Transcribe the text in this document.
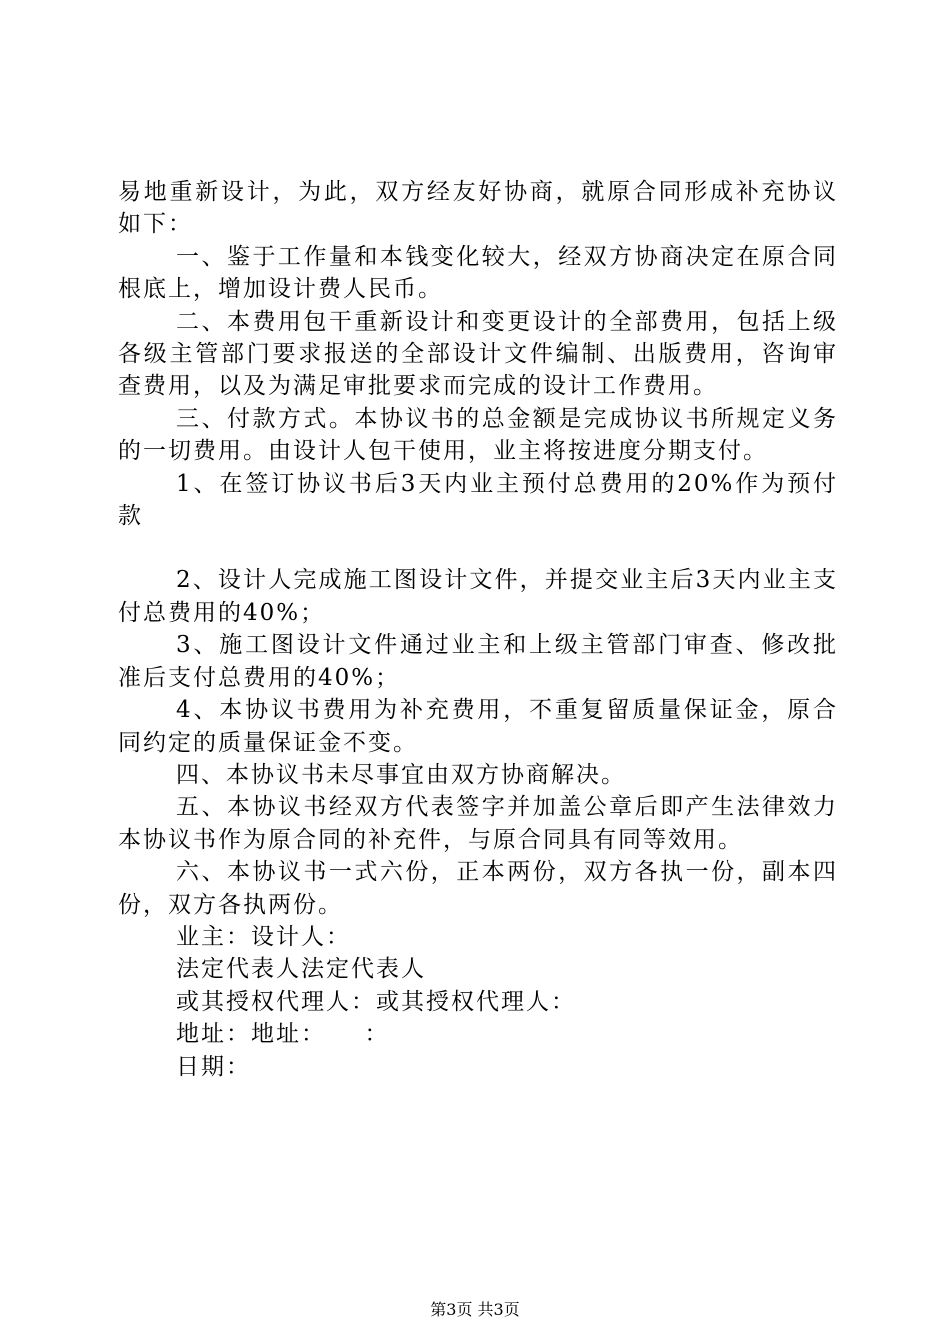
易地重新设计，为此，双方经友好协商，就原合同形成补充协议如下：

一、鉴于工作量和本钱变化较大，经双方协商决定在原合同根底上，增加设计费人民币。

二、本费用包干重新设计和变更设计的全部费用，包括上级各级主管部门要求报送的全部设计文件编制、出版费用，咨询审查费用，以及为满足审批要求而完成的设计工作费用。

三、付款方式。本协议书的总金额是完成协议书所规定义务的一切费用。由设计人包干使用，业主将按进度分期支付。

1、在签订协议书后3天内业主预付总费用的20%作为预付款

2、设计人完成施工图设计文件，并提交业主后3天内业主支付总费用的40%；

3、施工图设计文件通过业主和上级主管部门审查、修改批准后支付总费用的40%；

4、本协议书费用为补充费用，不重复留质量保证金，原合同约定的质量保证金不变。

四、本协议书未尽事宜由双方协商解决。

五、本协议书经双方代表签字并加盖公章后即产生法律效力本协议书作为原合同的补充件，与原合同具有同等效用。

六、本协议书一式六份，正本两份，双方各执一份，副本四份，双方各执两份。

业主：设计人：

法定代表人法定代表人

或其授权代理人：或其授权代理人：

地址：地址：　　：

日期：

第3页 共3页
